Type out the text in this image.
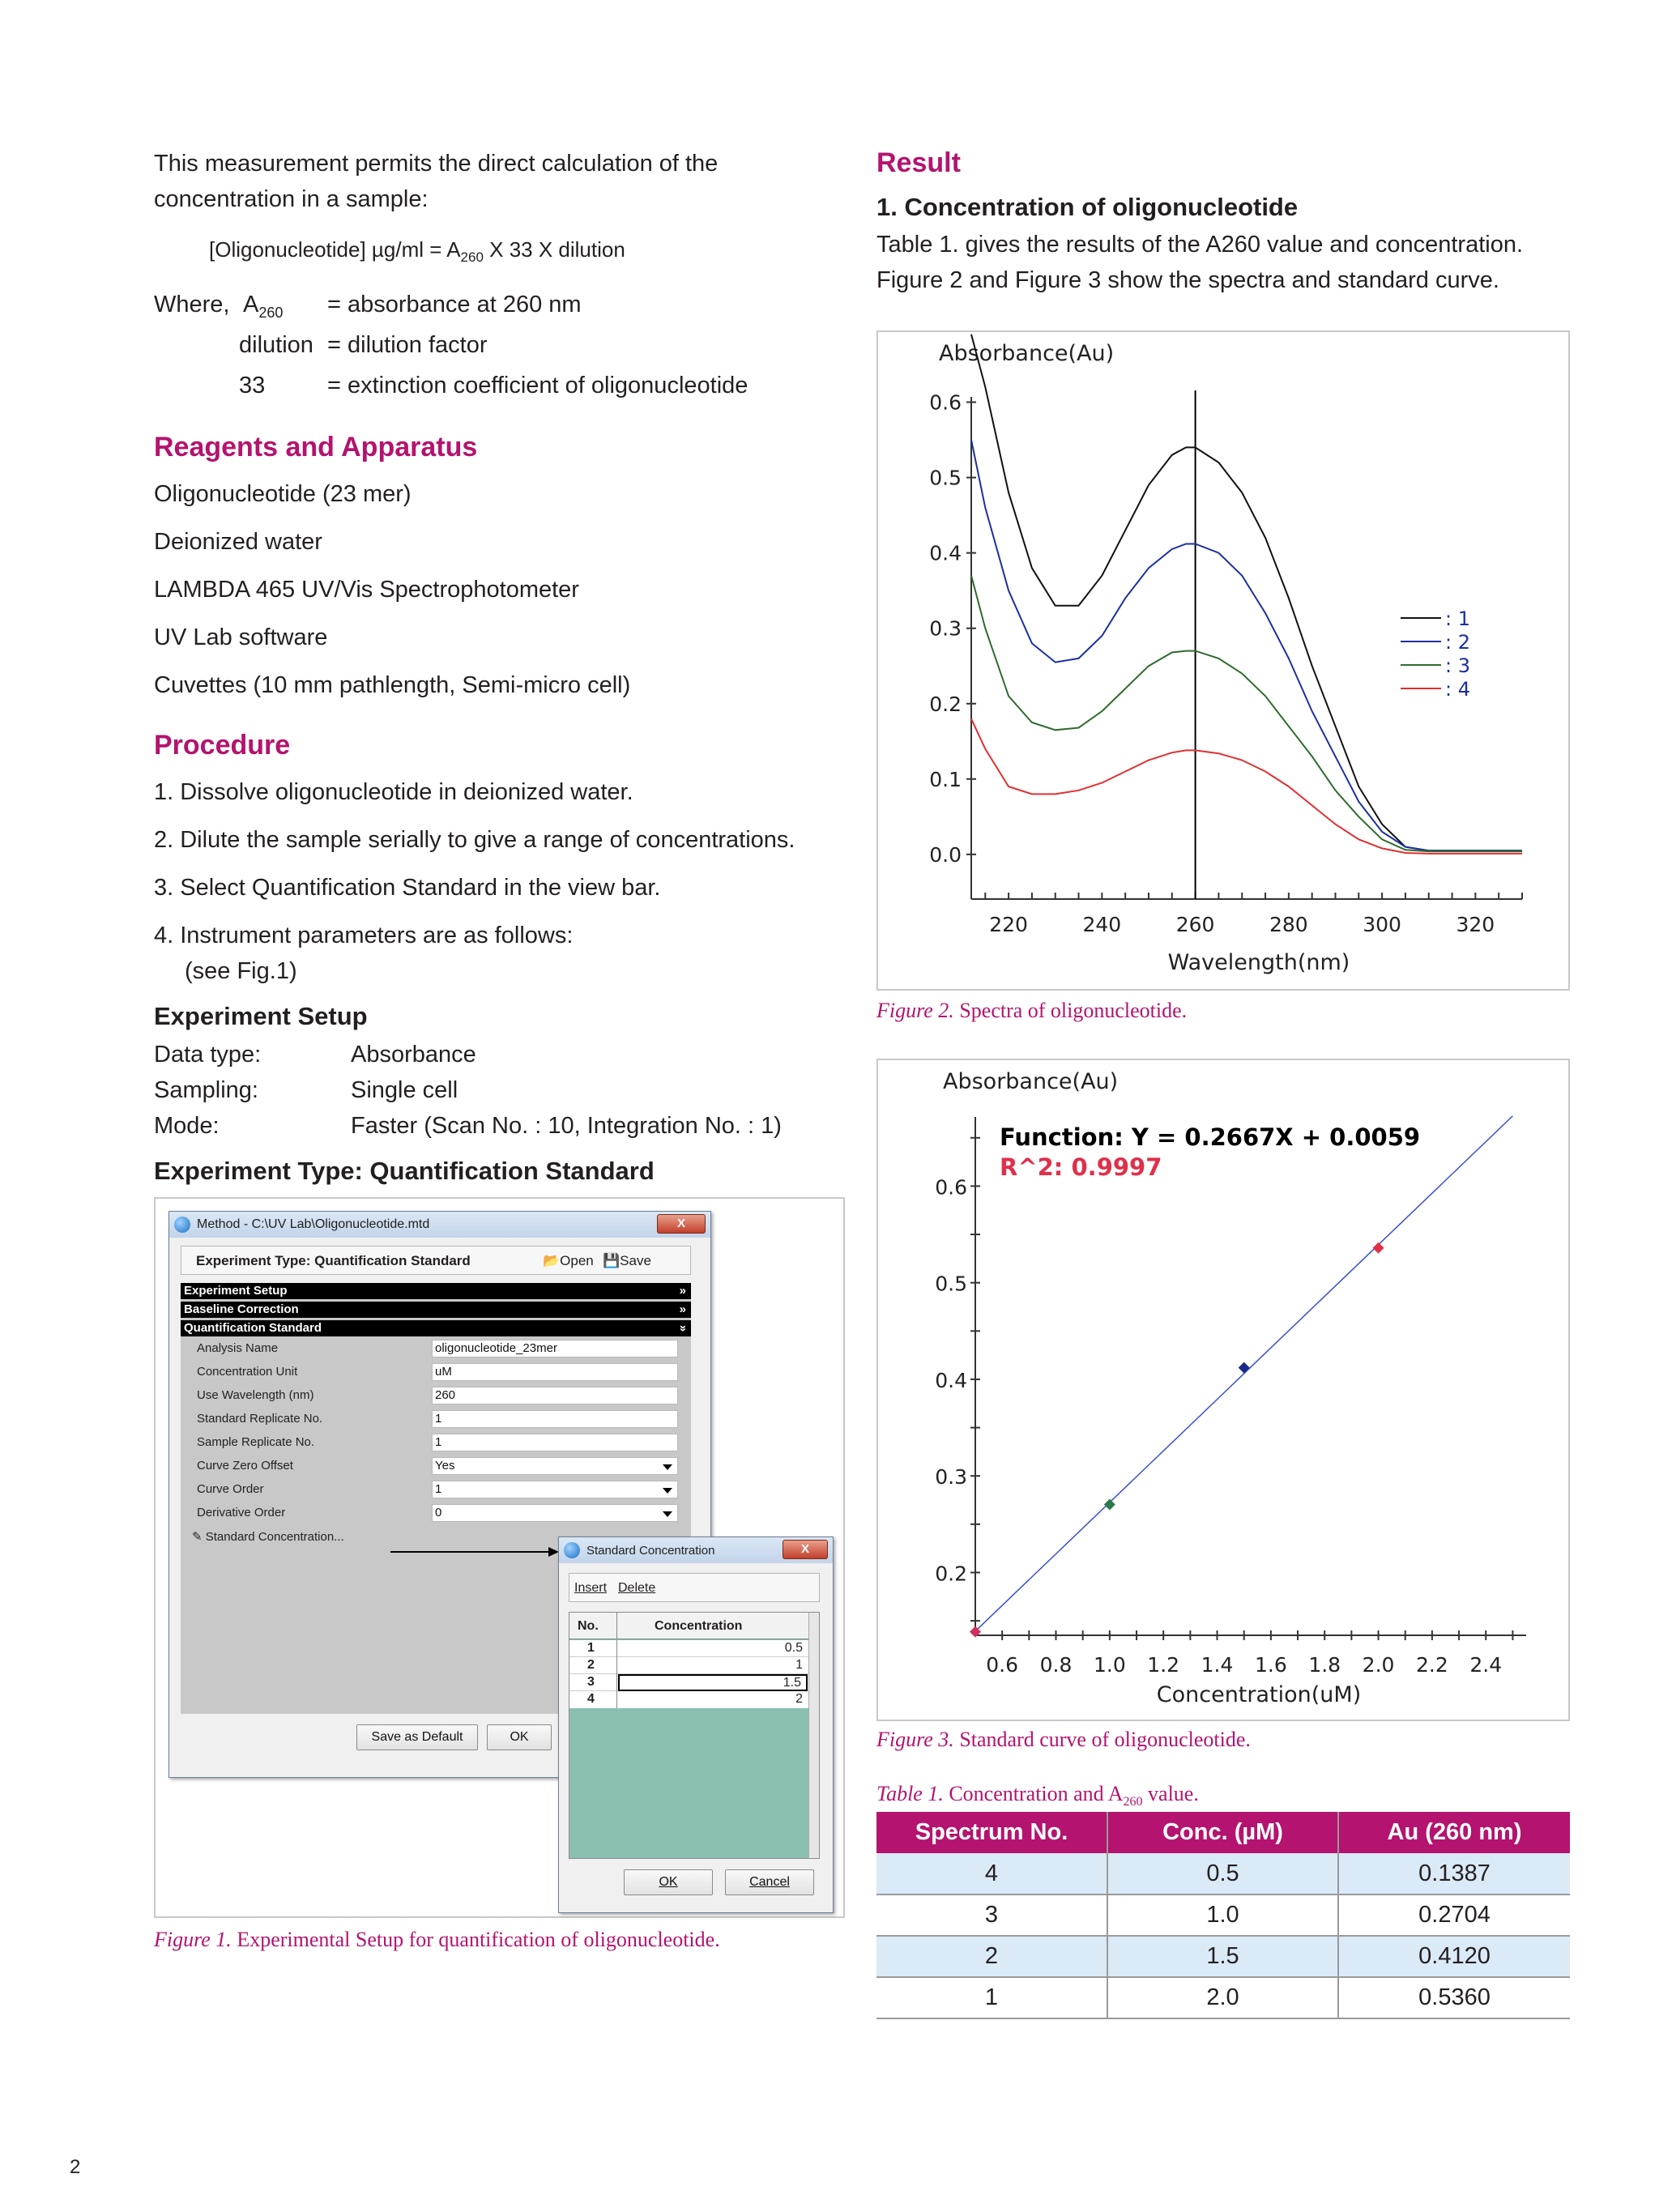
This measurement permits the direct calculation of the
concentration in a sample:
[Oligonucleotide] $\mu g/ml = A_{260}$ X 33 X dilution
Where, $A_{260}$ = absorbance at 260 nm
dilution = dilution factor
33	= extinction coefficient of oligonucleotide
Reagents and Apparatus
Oligonucleotide (23 mer)
Deionized water
LAMBDA 465 UV/Vis Spectrophotometer
UV Lab software
Cuvettes (10 mm pathlength, Semi-micro cell)
Procedure
1. Dissolve oligonucleotide in deionized water.
2. Dilute the sample serially to give a range of concentrations.
3. Select Quantification Standard in the view bar.
4. Instrument parameters are as follows:
(see Fig.1)
Experiment Setup
Data type:	Absorbance
Sampling:	Single cell
Mode:	Faster (Scan No. : 10, Integration No. : 1)
Experiment Type: Quantification Standard
Method - C:\UV Lab\Oligonucleotide.mtd	X
Experiment Type: Quantification Standard	📂Open 💾Save
Experiment Setup	»
Baseline Correction	»
Quantification Standard	»
Analysis Name	oligonucleotide_23mer
Concentration Unit	uM
Use Wavelength (nm)	260
Standard Replicate No.	1
Sample Replicate No.	1
Curve Zero Offset	Yes
Curve Order	1
Derivative Order	0
✎ Standard Concentration...
Save as Default	OK
Standard Concentration	X
Insert Delete
No.	Concentration
1	0.5
2	1
3	1.5
4	2
OK	Cancel
Figure 1. Experimental Setup for quantification of oligonucleotide.
Result
1. Concentration of oligonucleotide
Table 1. gives the results of the A260 value and concentration.
Figure 2 and Figure 3 show the spectra and standard curve.
Absorbance(Au)
0.6
0.5
0.4
0.3
0.2
0.1
0.0
220	240	260	280	300	320
Wavelength(nm)
: 1
: 2
: 3
: 4
Figure 2. Spectra of oligonucleotide.
Absorbance(Au)
0.6
0.5
0.4
0.3
0.2
0.6 0.8 1.0 1.2 1.4 1.6 1.8 2.0 2.2 2.4
Concentration(uM)
Function: Y = 0.2667X + 0.0059
R^2: 0.9997
Figure 3. Standard curve of oligonucleotide.
Table 1. Concentration and $A_{260}$ value.
Spectrum No.	Conc. (µM)	Au (260 nm)
4	0.5	0.1387
3	1.0	0.2704
2	1.5	0.4120
1	2.0	0.5360
2
